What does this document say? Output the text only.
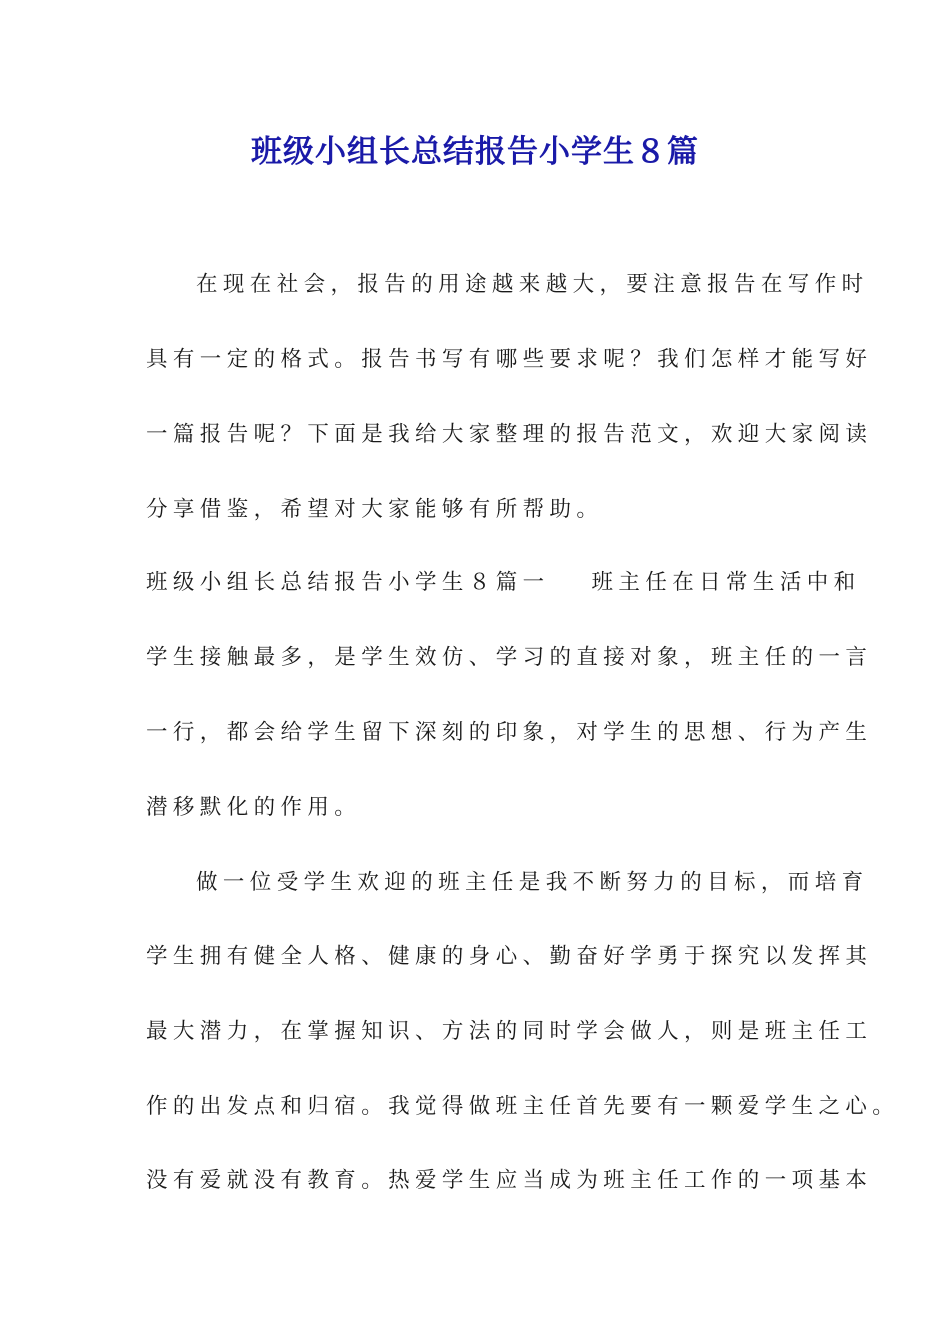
班级小组长总结报告小学生８篇
在现在社会，报告的用途越来越大，要注意报告在写作时
具有一定的格式。报告书写有哪些要求呢？我们怎样才能写好
一篇报告呢？下面是我给大家整理的报告范文，欢迎大家阅读
分享借鉴，希望对大家能够有所帮助。
班级小组长总结报告小学生８篇一 班主任在日常生活中和
学生接触最多，是学生效仿、学习的直接对象，班主任的一言
一行，都会给学生留下深刻的印象，对学生的思想、行为产生
潜移默化的作用。
做一位受学生欢迎的班主任是我不断努力的目标，而培育
学生拥有健全人格、健康的身心、勤奋好学勇于探究以发挥其
最大潜力，在掌握知识、方法的同时学会做人，则是班主任工
作的出发点和归宿。我觉得做班主任首先要有一颗爱学生之心。
没有爱就没有教育。热爱学生应当成为班主任工作的一项基本
